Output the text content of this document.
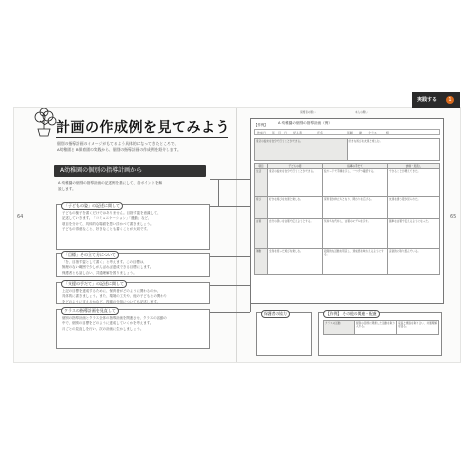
64	65
計画の作成例を見てみよう
個別の指導計画のイメージがもてるよう具体的になってきたところで、
A幼稚園と B保育園の実践から、個別の指導計画の作成例を紹介します。
A幼稚園の個別の指導計画から
A 幼稚園の個別の指導計画の記述例を基にして、各ポイントを解
説します。
「子どもの姿」の記述に関して
子どもの様子を書くだけではありません。目指す姿を意識して、
記述していきます。「コミュニケーション」「運動」など、
項目を分けて、具体的な場面を思い浮かべて書きましょう。
子どもの得意なこと、好きなことも書くことが大切です。
「目標」その立て方について
「を、目指す姿として書く」と考えます。この目標は、
無理のない範囲で少しがんばれば達成できる目標にします。
保護者とも話し合い、共通理解を図りましょう。
「支援の手だて」の記述に関して
上記の目標を達成するために、保育者がどのように関わるのか、
具体的に書きましょう。また、環境の工夫や、他の子どもとの関わり
をどのように支えるかなど、役割の分担についても記述します。
クラスの指導計画を見直して
個別の指導計画とクラス全体の指導計画を関連させ、クラスの活動の
中で、個別の目標をどのように達成していくかを考えます。
月ごとの見直しを行い、次の計画に生かしましょう。
実践する	1
保護者の願い	本人の願い
【作例】	A 幼稚園の個別の指導計画（例）
作成日　　年　月　日　　記入者　　　　　氏名　　　　　　　　年齢　　歳　　クラス　　　組
身辺の始末を自分で行うことができる。	好きな遊びを友達と楽しむ。
項目	子どもの姿	指導の手だて	評価・見直し
生活	身辺の始末を自分で行うことができる。	絵カードで手順を示し、一つずつ確認する。	できることが増えてきた。
遊び	好きな遊びを友達と楽しむ。	保育者が仲立ちとなり、関わりを広げる。	友達を誘う姿が見られた。
言葉	自分の思いを言葉で伝えようとする。	気持ちを代弁し、言葉のモデルを示す。	簡単な言葉で伝えるようになった。
運動	全身を使った遊びを楽しむ。	段階的な活動を用意し、達成感を味わえるようにする。	意欲的に取り組んでいる。
保護者の協力	【作例】 その他の関連・配慮
クラスの活動	個別の目標に関連した活動を取り入れる。	家庭と連絡を取り合い、共通理解を図る。
